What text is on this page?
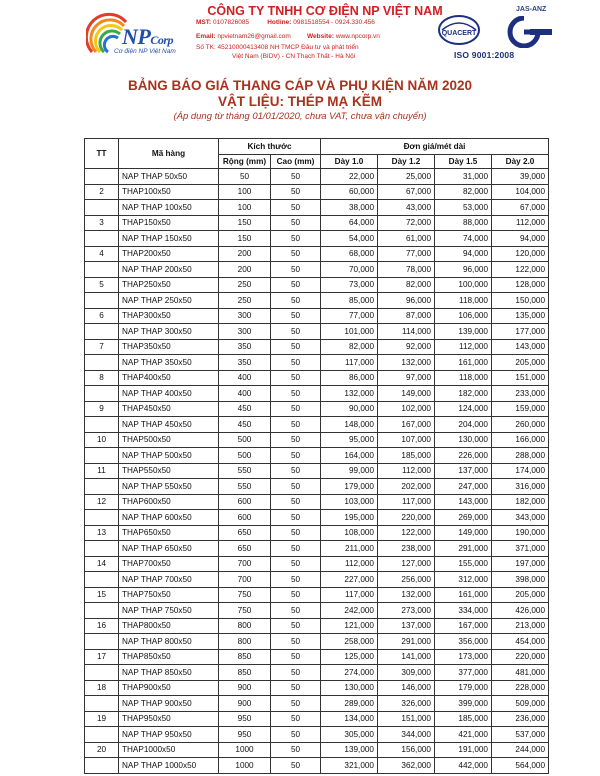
NPCorp
Cơ điện NP Việt Nam
CÔNG TY TNHH CƠ ĐIỆN NP VIỆT NAM
MST: 0107826085	Hotline: 0981518554 - 0924.330.456
Email: npvietnam26@gmail.com	Website: www.npcorp.vn
Số TK: 45210000413408 NH TMCP Đầu tư và phát triển
Việt Nam (BIDV) - CN Thạch Thất - Hà Nội
QUACERT
JAS-ANZ
ISO 9001:2008
BẢNG BÁO GIÁ THANG CÁP VÀ PHỤ KIỆN NĂM 2020
VẬT LIỆU: THÉP MẠ KẼM
(Áp dụng từ tháng 01/01/2020, chưa VAT, chưa vận chuyển)
TT	Mã hàng	Kích thước		Đơn giá/mét dài			
		Rộng (mm)	Cao (mm)	Dày 1.0	Dày 1.2	Dày 1.5	Dày 2.0
	NAP THAP 50x50	50	50	22,000	25,000	31,000	39,000
2	THAP100x50	100	50	60,000	67,000	82,000	104,000
	NAP THAP 100x50	100	50	38,000	43,000	53,000	67,000
3	THAP150x50	150	50	64,000	72,000	88,000	112,000
	NAP THAP 150x50	150	50	54,000	61,000	74,000	94,000
4	THAP200x50	200	50	68,000	77,000	94,000	120,000
	NAP THAP 200x50	200	50	70,000	78,000	96,000	122,000
5	THAP250x50	250	50	73,000	82,000	100,000	128,000
	NAP THAP 250x50	250	50	85,000	96,000	118,000	150,000
6	THAP300x50	300	50	77,000	87,000	106,000	135,000
	NAP THAP 300x50	300	50	101,000	114,000	139,000	177,000
7	THAP350x50	350	50	82,000	92,000	112,000	143,000
	NAP THAP 350x50	350	50	117,000	132,000	161,000	205,000
8	THAP400x50	400	50	86,000	97,000	118,000	151,000
	NAP THAP 400x50	400	50	132,000	149,000	182,000	233,000
9	THAP450x50	450	50	90,000	102,000	124,000	159,000
	NAP THAP 450x50	450	50	148,000	167,000	204,000	260,000
10	THAP500x50	500	50	95,000	107,000	130,000	166,000
	NAP THAP 500x50	500	50	164,000	185,000	226,000	288,000
11	THAP550x50	550	50	99,000	112,000	137,000	174,000
	NAP THAP 550x50	550	50	179,000	202,000	247,000	316,000
12	THAP600x50	600	50	103,000	117,000	143,000	182,000
	NAP THAP 600x50	600	50	195,000	220,000	269,000	343,000
13	THAP650x50	650	50	108,000	122,000	149,000	190,000
	NAP THAP 650x50	650	50	211,000	238,000	291,000	371,000
14	THAP700x50	700	50	112,000	127,000	155,000	197,000
	NAP THAP 700x50	700	50	227,000	256,000	312,000	398,000
15	THAP750x50	750	50	117,000	132,000	161,000	205,000
	NAP THAP 750x50	750	50	242,000	273,000	334,000	426,000
16	THAP800x50	800	50	121,000	137,000	167,000	213,000
	NAP THAP 800x50	800	50	258,000	291,000	356,000	454,000
17	THAP850x50	850	50	125,000	141,000	173,000	220,000
	NAP THAP 850x50	850	50	274,000	309,000	377,000	481,000
18	THAP900x50	900	50	130,000	146,000	179,000	228,000
	NAP THAP 900x50	900	50	289,000	326,000	399,000	509,000
19	THAP950x50	950	50	134,000	151,000	185,000	236,000
	NAP THAP 950x50	950	50	305,000	344,000	421,000	537,000
20	THAP1000x50	1000	50	139,000	156,000	191,000	244,000
	NAP THAP 1000x50	1000	50	321,000	362,000	442,000	564,000
